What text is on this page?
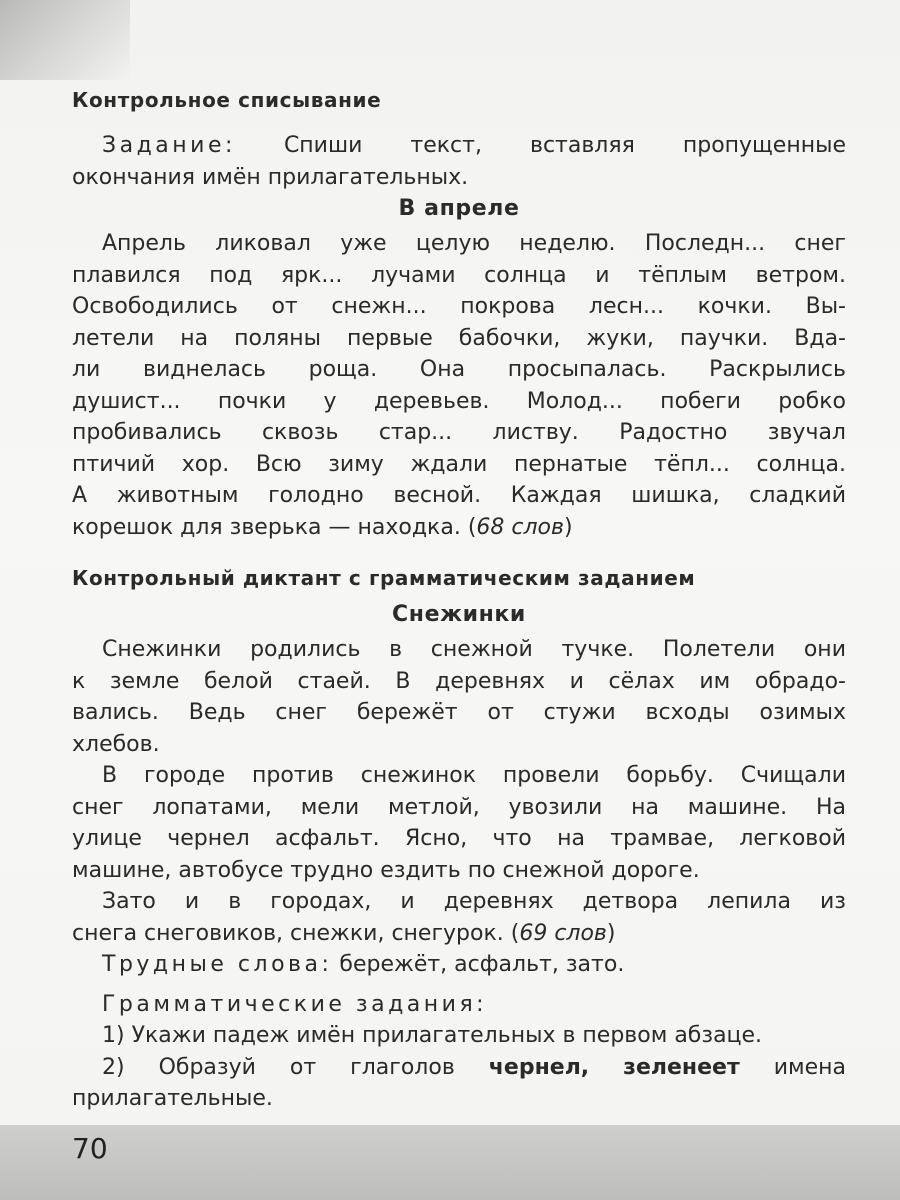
Контрольное списывание

Задание: Спиши текст, вставляя пропущенные

окончания имён прилагательных.

В апреле
Апрель ликовал уже целую неделю. Последн... снег
плавился под ярк... лучами солнца и тёплым ветром.
Освободились от снежн... покрова лесн... кочки. Вы-
летели на поляны первые бабочки, жуки, паучки. Вда-
ли виднелась роща. Она просыпалась. Раскрылись
душист... почки у деревьев. Молод... побеги робко
пробивались сквозь стар... листву. Радостно звучал
птичий хор. Всю зиму ждали пернатые тёпл... солнца.
А животным голодно весной. Каждая шишка, сладкий
корешок для зверька — находка. (68 слов)
Контрольный диктант с грамматическим заданием
Снежинки
Снежинки родились в снежной тучке. Полетели они
к земле белой стаей. В деревнях и сёлах им обрадо-
вались. Ведь снег бережёт от стужи всходы озимых
хлебов.
В городе против снежинок провели борьбу. Счищали
снег лопатами, мели метлой, увозили на машине. На
улице чернел асфальт. Ясно, что на трамвае, легковой
машине, автобусе трудно ездить по снежной дороге.
Зато и в городах, и деревнях детвора лепила из
снега снеговиков, снежки, снегурок. (69 слов)
Трудные слова: бережёт, асфальт, зато.
Грамматические задания:
1) Укажи падеж имён прилагательных в первом абзаце.
2) Образуй от глаголов чернел, зеленеет имена
прилагательные.
70
